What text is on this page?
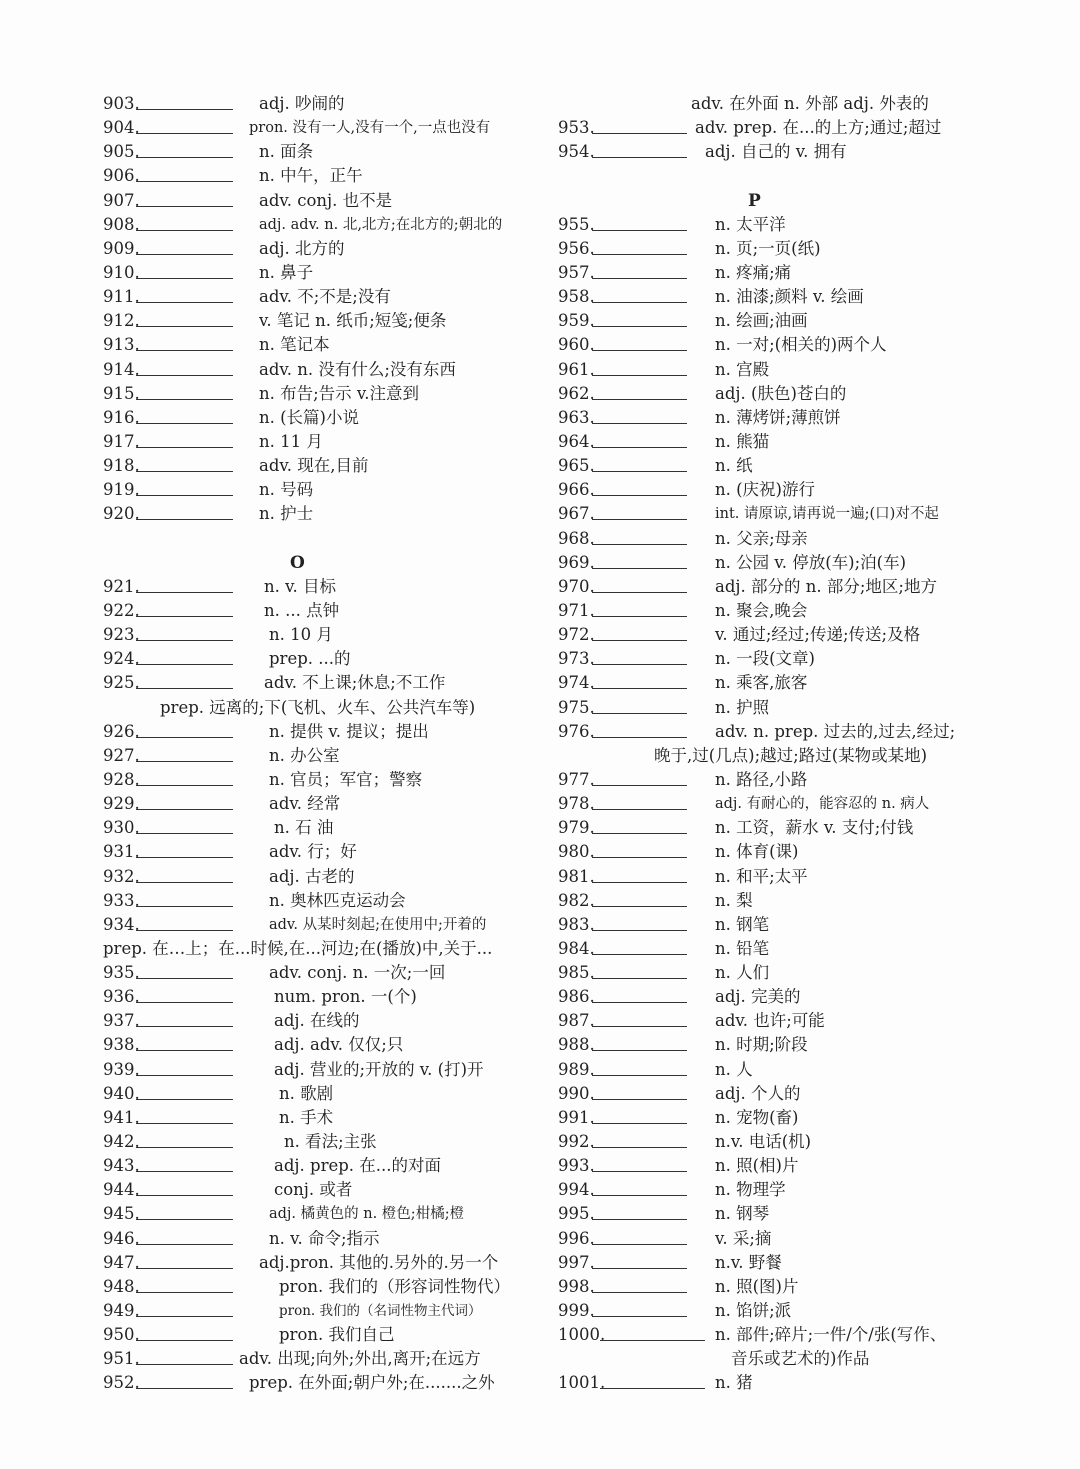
903.	adj. 吵闹的
904.	pron. 没有一人,没有一个,一点也没有
905.	n. 面条
906.	n. 中午，正午
907.	adv. conj. 也不是
908.	adj. adv. n. 北,北方;在北方的;朝北的
909.	adj. 北方的
910.	n. 鼻子
911.	adv. 不;不是;没有
912.	v. 笔记 n. 纸币;短笺;便条
913.	n. 笔记本
914.	adv. n. 没有什么;没有东西
915.	n. 布告;告示 v.注意到
916.	n. (长篇)小说
917.	n. 11 月
918.	adv. 现在,目前
919.	n. 号码
920.	n. 护士
O
921.	n. v. 目标
922.	n. ... 点钟
923.	n. 10 月
924.	prep. ...的
925.	adv. 不上课;休息;不工作
prep. 远离的;下(飞机、火车、公共汽车等)
926.	n. 提供 v. 提议；提出
927.	n. 办公室
928.	n. 官员；军官；警察
929.	adv. 经常
930.	n. 石 油
931.	adv. 行；好
932.	adj. 古老的
933.	n. 奥林匹克运动会
934.	adv. 从某时刻起;在使用中;开着的
prep. 在…上；在...时候,在...河边;在(播放)中,关于...
935.	adv. conj. n. 一次;一回
936.	num. pron. 一(个)
937.	adj. 在线的
938.	adj. adv. 仅仅;只
939.	adj. 营业的;开放的 v. (打)开
940.	n. 歌剧
941.	n. 手术
942.	n. 看法;主张
943.	adj. prep. 在...的对面
944.	conj. 或者
945.	adj. 橘黄色的 n. 橙色;柑橘;橙
946.	n. v. 命令;指示
947.	adj.pron. 其他的.另外的.另一个
948.	pron. 我们的（形容词性物代）
949.	pron. 我们的（名词性物主代词）
950.	pron. 我们自己
951.	adv. 出现;向外;外出,离开;在远方
952.	prep. 在外面;朝户外;在.......之外
adv. 在外面 n. 外部 adj. 外表的
953.	adv. prep. 在...的上方;通过;超过
954.	adj. 自己的 v. 拥有
P
955.	n. 太平洋
956.	n. 页;一页(纸)
957.	n. 疼痛;痛
958.	n. 油漆;颜料 v. 绘画
959.	n. 绘画;油画
960.	n. 一对;(相关的)两个人
961.	n. 宫殿
962.	adj. (肤色)苍白的
963.	n. 薄烤饼;薄煎饼
964.	n. 熊猫
965.	n. 纸
966.	n. (庆祝)游行
967.	int. 请原谅,请再说一遍;(口)对不起
968.	n. 父亲;母亲
969.	n. 公园 v. 停放(车);泊(车)
970.	adj. 部分的 n. 部分;地区;地方
971.	n. 聚会,晚会
972.	v. 通过;经过;传递;传送;及格
973.	n. 一段(文章)
974.	n. 乘客,旅客
975.	n. 护照
976.	adv. n. prep. 过去的,过去,经过;
晚于,过(几点);越过;路过(某物或某地)
977.	n. 路径,小路
978.	adj. 有耐心的，能容忍的 n. 病人
979.	n. 工资，薪水 v. 支付;付钱
980.	n. 体育(课)
981.	n. 和平;太平
982.	n. 梨
983.	n. 钢笔
984.	n. 铅笔
985.	n. 人们
986.	adj. 完美的
987.	adv. 也许;可能
988.	n. 时期;阶段
989.	n. 人
990.	adj. 个人的
991.	n. 宠物(畜)
992.	n.v. 电话(机)
993.	n. 照(相)片
994.	n. 物理学
995.	n. 钢琴
996.	v. 采;摘
997.	n.v. 野餐
998.	n. 照(图)片
999.	n. 馅饼;派
1000.	n. 部件;碎片;一件/个/张(写作、
音乐或艺术的)作品
1001.	n. 猪
